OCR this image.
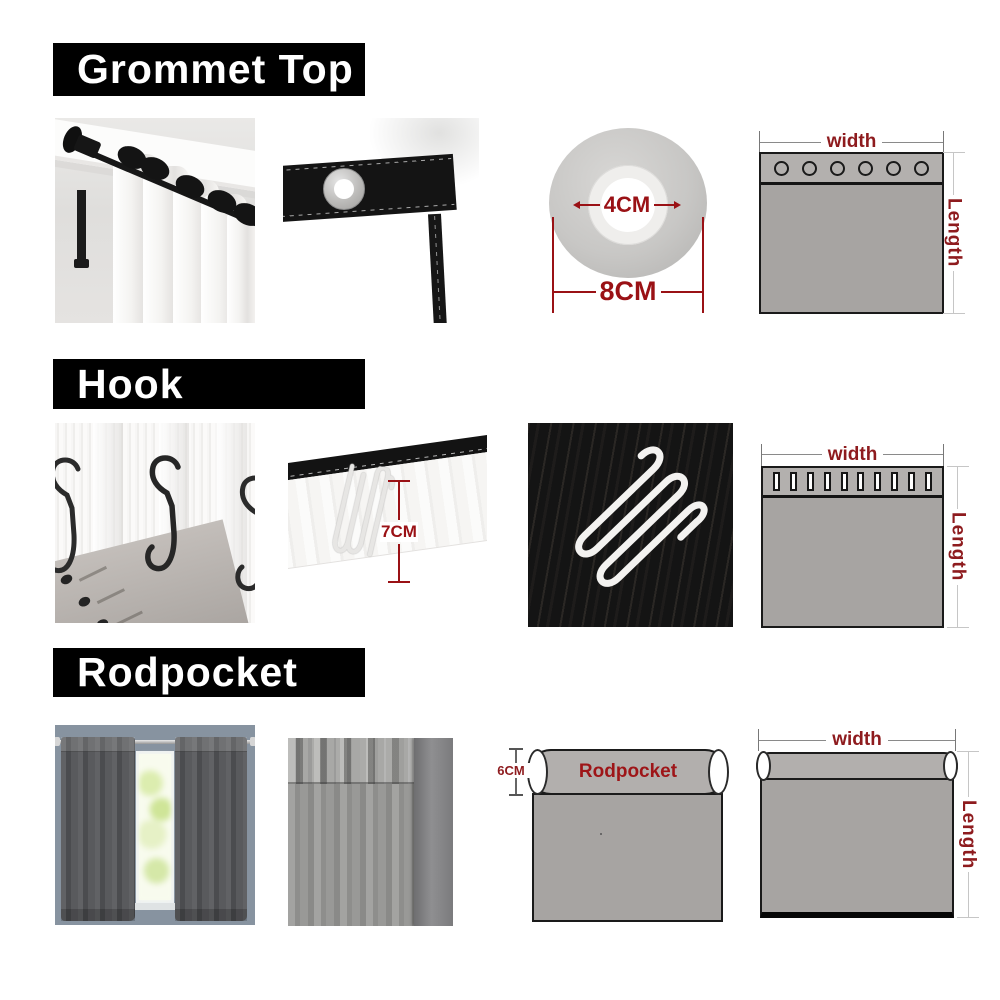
Grommet Top
4CM
8CM
width
Length
Hook
7CM
width
Length
Rodpocket
6CM	Rodpocket
width
Length
